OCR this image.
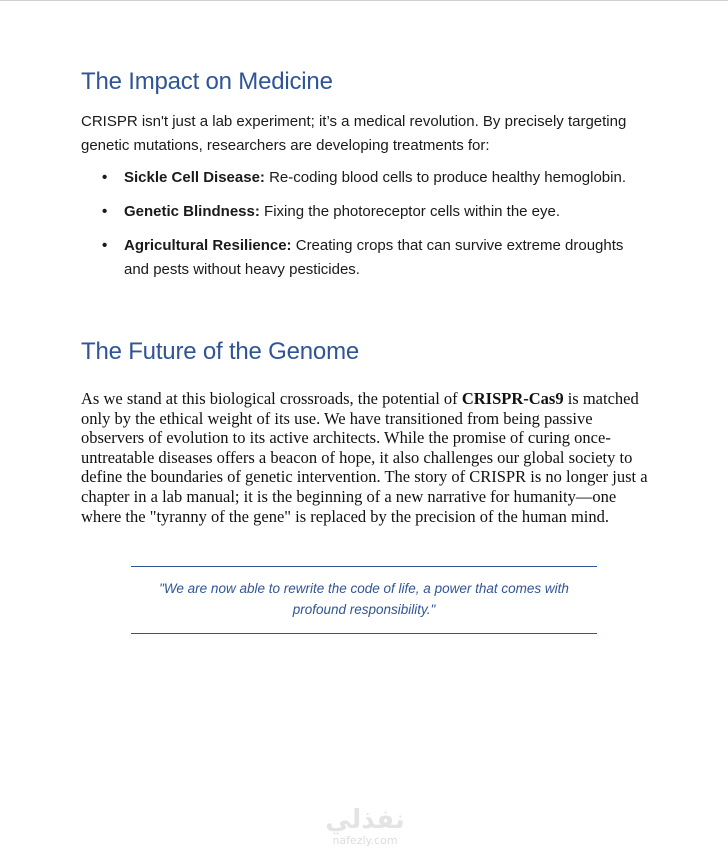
The Impact on Medicine

CRISPR isn't just a lab experiment; it’s a medical revolution. By precisely targeting genetic mutations, researchers are developing treatments for:

• Sickle Cell Disease: Re-coding blood cells to produce healthy hemoglobin.
• Genetic Blindness: Fixing the photoreceptor cells within the eye.
• Agricultural Resilience: Creating crops that can survive extreme droughts and pests without heavy pesticides.
The Future of the Genome

As we stand at this biological crossroads, the potential of CRISPR-Cas9 is matched only by the ethical weight of its use. We have transitioned from being passive observers of evolution to its active architects. While the promise of curing once-untreatable diseases offers a beacon of hope, it also challenges our global society to define the boundaries of genetic intervention. The story of CRISPR is no longer just a chapter in a lab manual; it is the beginning of a new narrative for humanity—one where the "tyranny of the gene" is replaced by the precision of the human mind.

"We are now able to rewrite the code of life, a power that comes with profound responsibility."

نفذلي
nafezly.com
